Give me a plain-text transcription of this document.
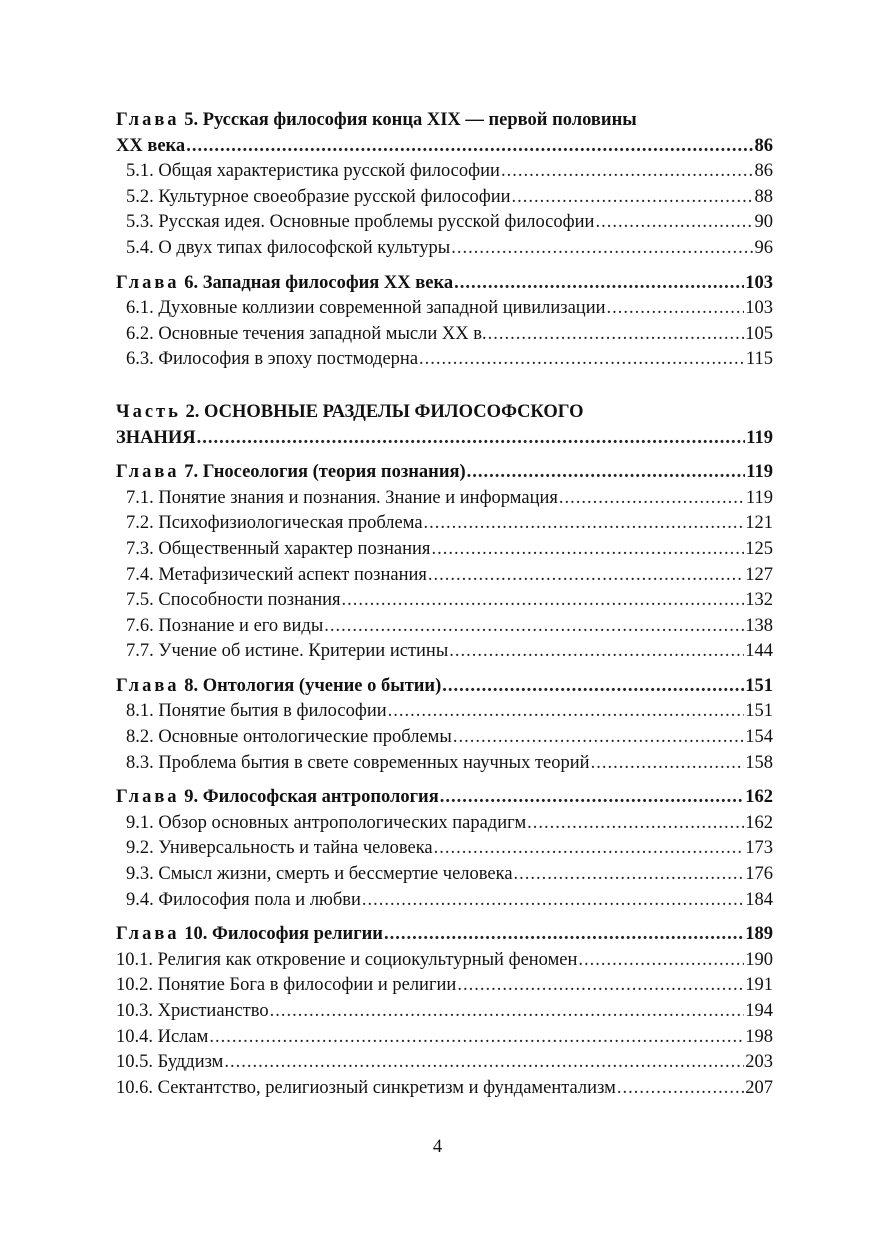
Глава 5. Русская философия конца XIX — первой половины
XX века .....	86
5.1. Общая характеристика русской философии .....	86
5.2. Культурное своеобразие русской философии .....	88
5.3. Русская идея. Основные проблемы русской философии .....	90
5.4. О двух типах философской культуры .....	96
Глава 6. Западная философия XX века .....	103
6.1. Духовные коллизии современной западной цивилизации .....	103
6.2. Основные течения западной мысли XX в. .....	105
6.3. Философия в эпоху постмодерна .....	115
Часть 2. ОСНОВНЫЕ РАЗДЕЛЫ ФИЛОСОФСКОГО
ЗНАНИЯ .....	119
Глава 7. Гносеология (теория познания) .....	119
7.1. Понятие знания и познания. Знание и информация .....	119
7.2. Психофизиологическая проблема .....	121
7.3. Общественный характер познания .....	125
7.4. Метафизический аспект познания .....	127
7.5. Способности познания .....	132
7.6. Познание и его виды .....	138
7.7. Учение об истине. Критерии истины .....	144
Глава 8. Онтология (учение о бытии) .....	151
8.1. Понятие бытия в философии .....	151
8.2. Основные онтологические проблемы .....	154
8.3. Проблема бытия в свете современных научных теорий .....	158
Глава 9. Философская антропология .....	162
9.1. Обзор основных антропологических парадигм .....	162
9.2. Универсальность и тайна человека .....	173
9.3. Смысл жизни, смерть и бессмертие человека .....	176
9.4. Философия пола и любви .....	184
Глава 10. Философия религии .....	189
10.1. Религия как откровение и социокультурный феномен .....	190
10.2. Понятие Бога в философии и религии .....	191
10.3. Христианство .....	194
10.4. Ислам .....	198
10.5. Буддизм .....	203
10.6. Сектантство, религиозный синкретизм и фундаментализм .....	207
4
